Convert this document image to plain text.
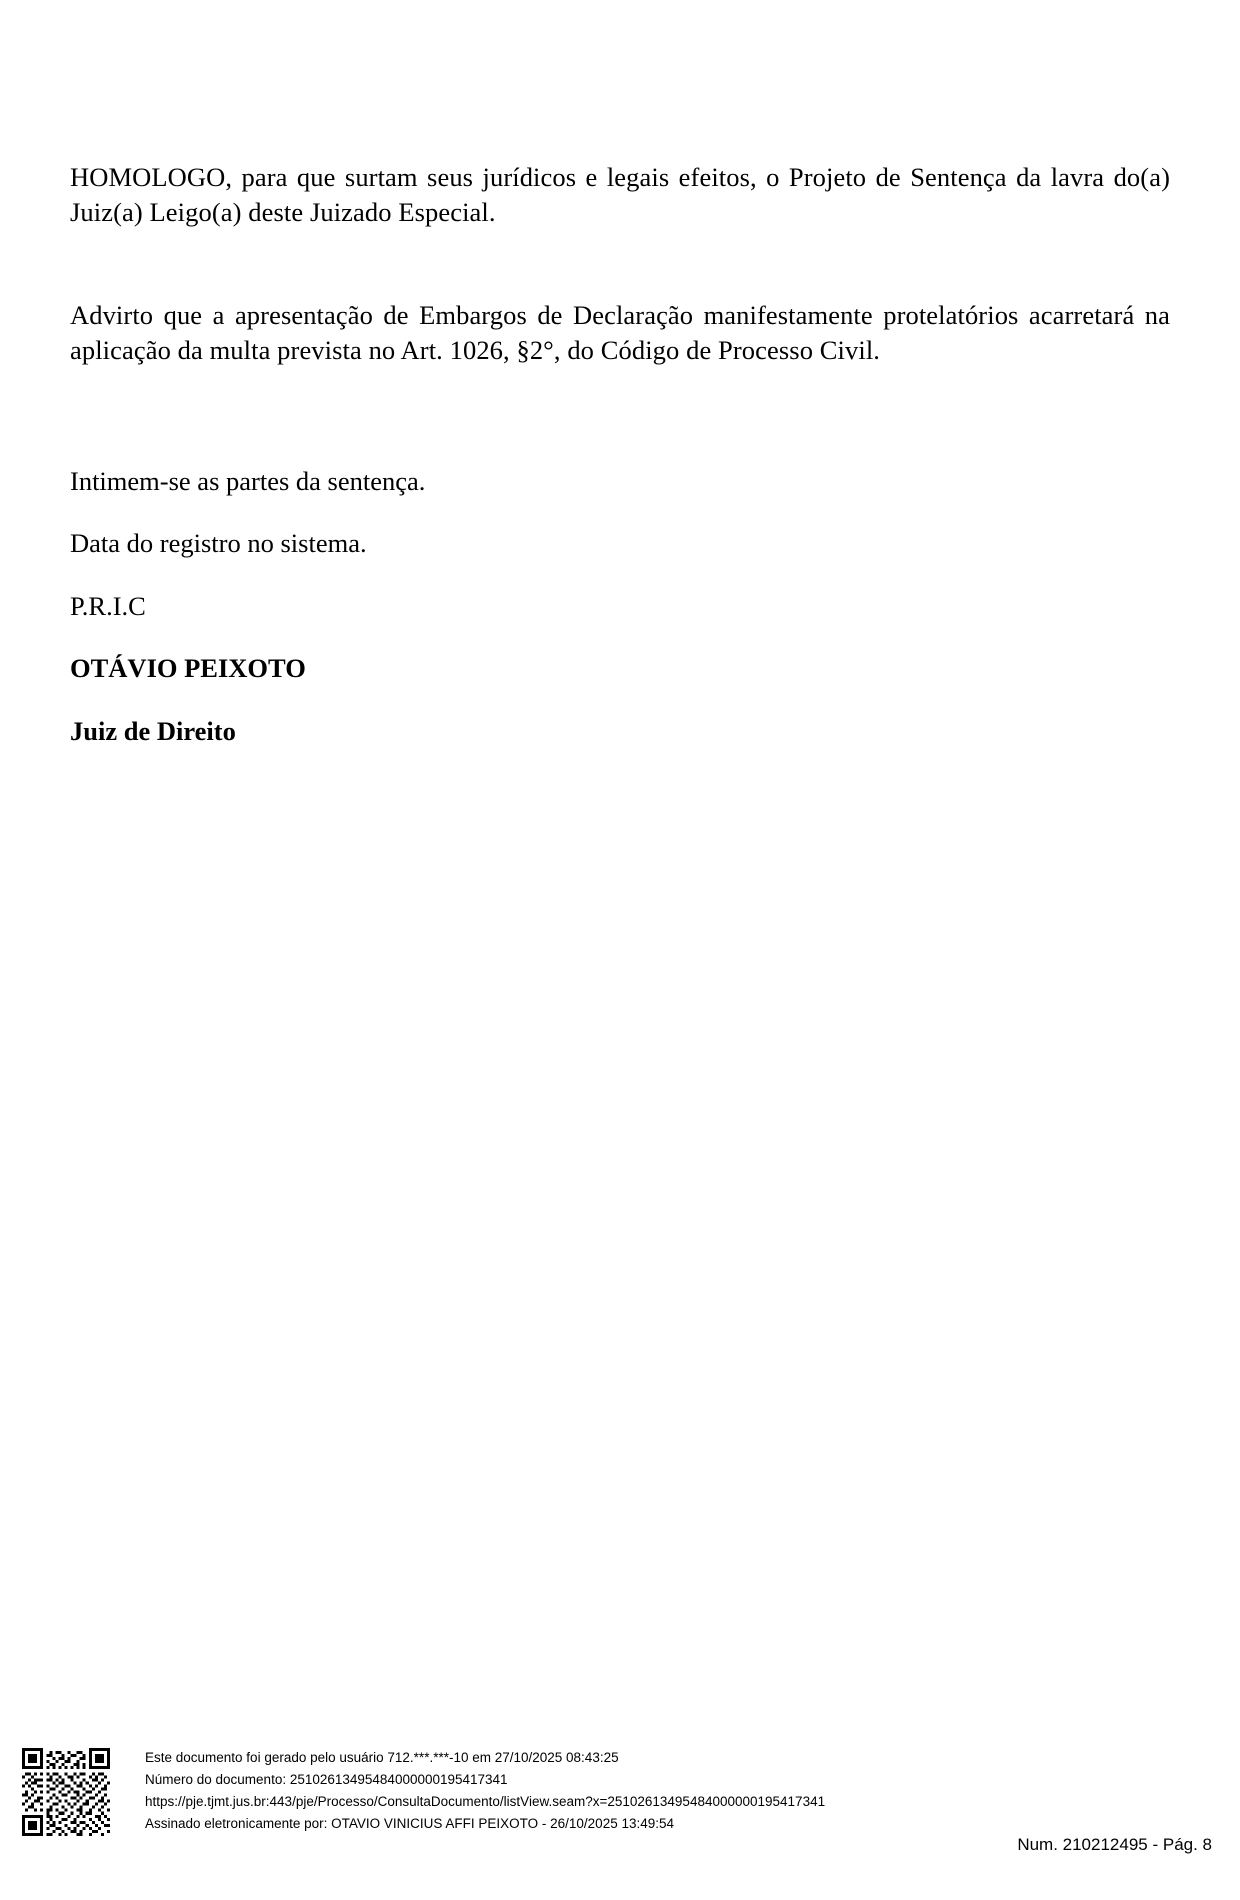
HOMOLOGO, para que surtam seus jurídicos e legais efeitos, o Projeto de Sentença da lavra do(a) Juiz(a) Leigo(a) deste Juizado Especial.

Advirto que a apresentação de Embargos de Declaração manifestamente protelatórios acarretará na aplicação da multa prevista no Art. 1026, §2°, do Código de Processo Civil.

Intimem-se as partes da sentença.

Data do registro no sistema.

P.R.I.C

OTÁVIO PEIXOTO

Juiz de Direito

Este documento foi gerado pelo usuário 712.***.***-10 em 27/10/2025 08:43:25
Número do documento: 25102613495484000000195417341
https://pje.tjmt.jus.br:443/pje/Processo/ConsultaDocumento/listView.seam?x=25102613495484000000195417341
Assinado eletronicamente por: OTAVIO VINICIUS AFFI PEIXOTO - 26/10/2025 13:49:54
Num. 210212495 - Pág. 8
